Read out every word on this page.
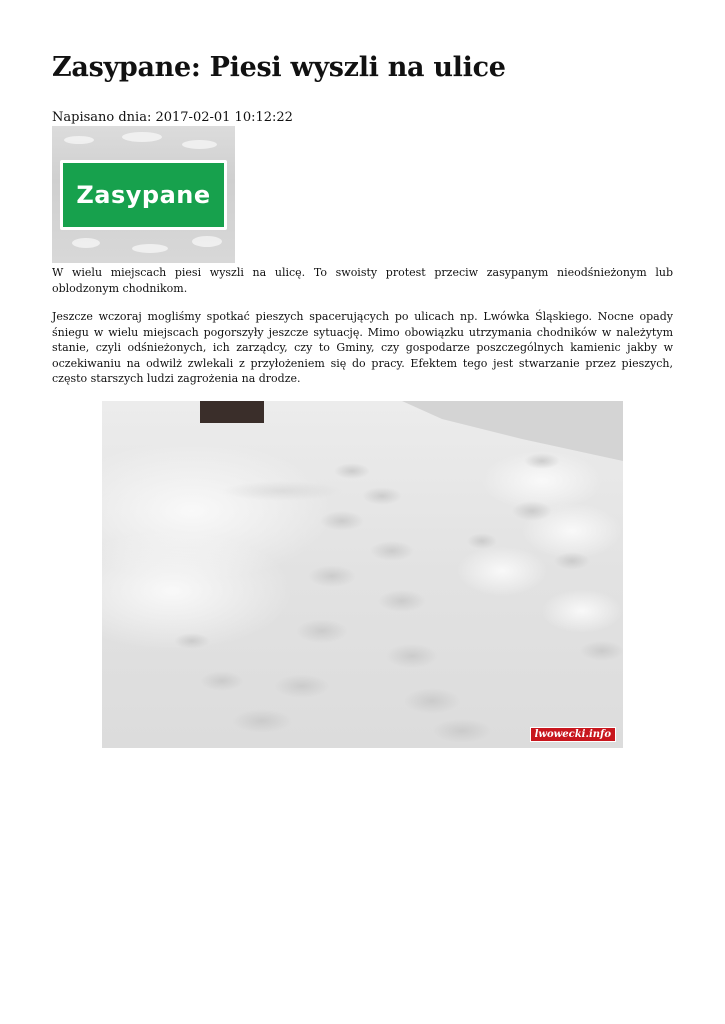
Zasypane: Piesi wyszli na ulice

Napisano dnia: 2017-02-01 10:12:22

Zasypane

W wielu miejscach piesi wyszli na ulicę. To swoisty protest przeciw zasypanym nieodśnieżonym lub oblodzonym chodnikom.

Jeszcze wczoraj mogliśmy spotkać pieszych spacerujących po ulicach np. Lwówka Śląskiego. Nocne opady śniegu w wielu miejscach pogorszyły jeszcze sytuację. Mimo obowiązku utrzymania chodników w należytym stanie, czyli odśnieżonych, ich zarządcy, czy to Gminy, czy gospodarze poszczególnych kamienic jakby w oczekiwaniu na odwilż zwlekali z przyłożeniem się do pracy. Efektem tego jest stwarzanie przez pieszych, często starszych ludzi zagrożenia na drodze.

lwowecki.info
